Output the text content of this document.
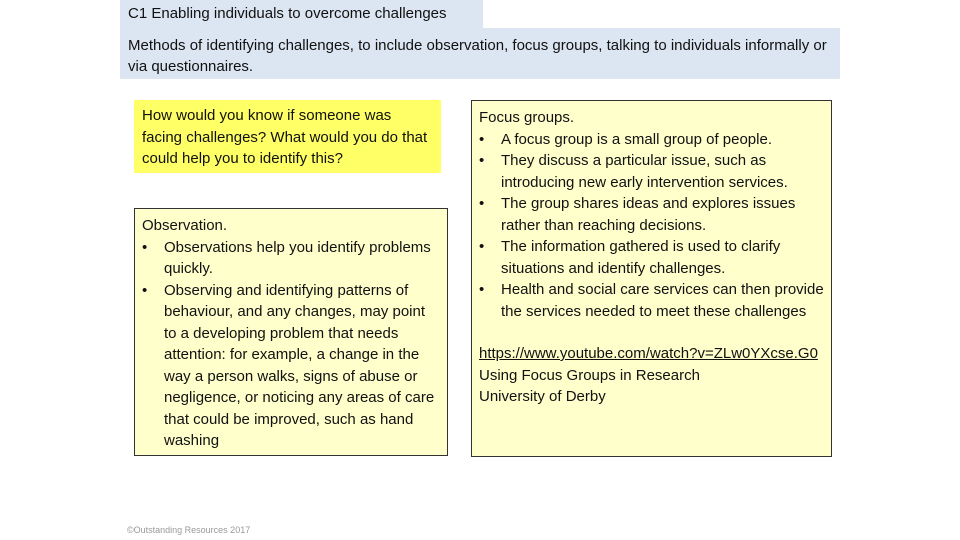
C1 Enabling individuals to overcome challenges
Methods of identifying challenges, to include observation, focus groups, talking to individuals informally or via questionnaires.
How would you know if someone was facing challenges? What would you do that could help you to identify this?
Observation.
• Observations help you identify problems quickly.
• Observing and identifying patterns of behaviour, and any changes, may point to a developing problem that needs attention: for example, a change in the way a person walks, signs of abuse or negligence, or noticing any areas of care that could be improved, such as hand washing
Focus groups.
• A focus group is a small group of people.
• They discuss a particular issue, such as introducing new early intervention services.
• The group shares ideas and explores issues rather than reaching decisions.
• The information gathered is used to clarify situations and identify challenges.
• Health and social care services can then provide the services needed to meet these challenges
https://www.youtube.com/watch?v=ZLw0YXcse.G0
Using Focus Groups in Research
University of Derby
©Outstanding Resources 2017
